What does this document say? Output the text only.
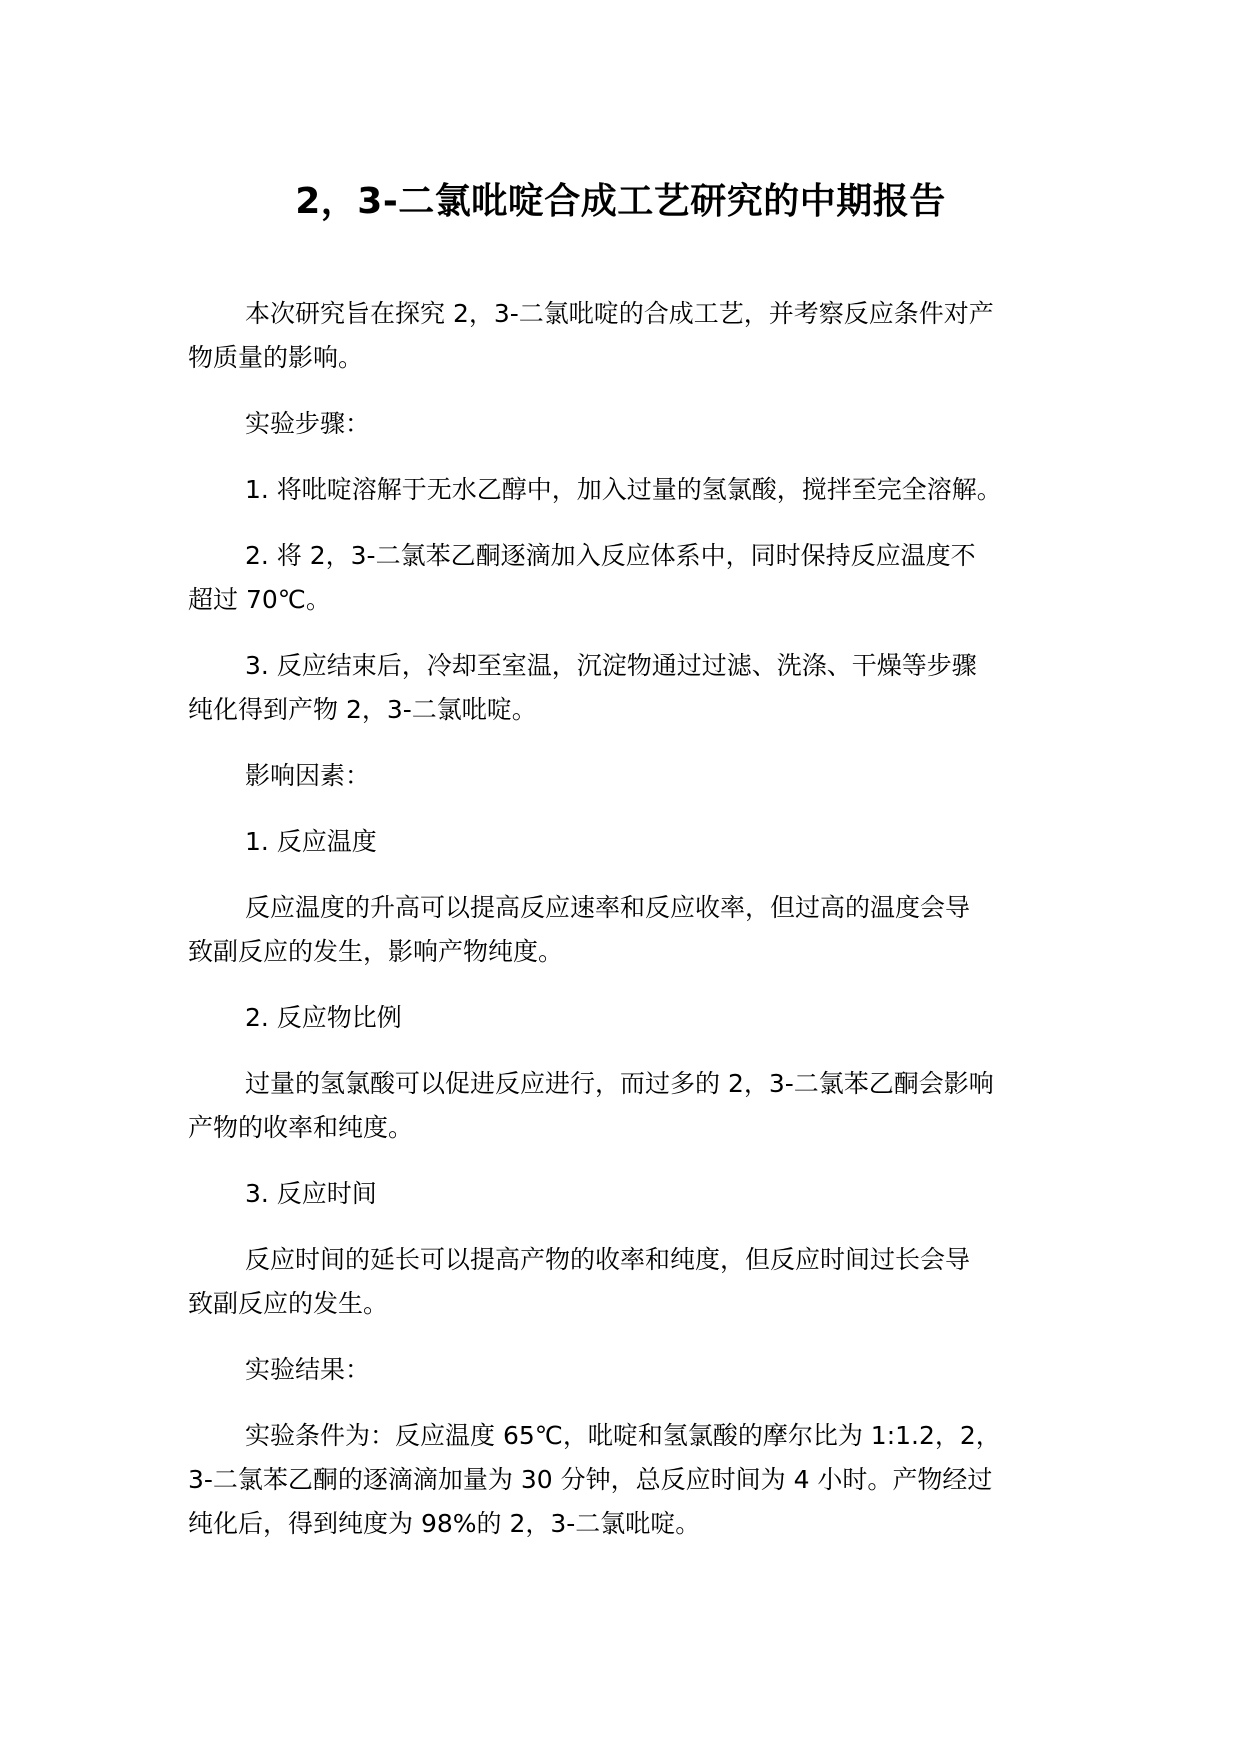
2，3-二氯吡啶合成工艺研究的中期报告

本次研究旨在探究 2，3-二氯吡啶的合成工艺，并考察反应条件对产
物质量的影响。

实验步骤：

1. 将吡啶溶解于无水乙醇中，加入过量的氢氯酸，搅拌至完全溶解。

2. 将 2，3-二氯苯乙酮逐滴加入反应体系中，同时保持反应温度不
超过 70℃。

3. 反应结束后，冷却至室温，沉淀物通过过滤、洗涤、干燥等步骤
纯化得到产物 2，3-二氯吡啶。

影响因素：

1. 反应温度

反应温度的升高可以提高反应速率和反应收率，但过高的温度会导
致副反应的发生，影响产物纯度。

2. 反应物比例

过量的氢氯酸可以促进反应进行，而过多的 2，3-二氯苯乙酮会影响
产物的收率和纯度。

3. 反应时间

反应时间的延长可以提高产物的收率和纯度，但反应时间过长会导
致副反应的发生。

实验结果：

实验条件为：反应温度 65℃，吡啶和氢氯酸的摩尔比为 1:1.2，2，
3-二氯苯乙酮的逐滴滴加量为 30 分钟，总反应时间为 4 小时。产物经过
纯化后，得到纯度为 98%的 2，3-二氯吡啶。
